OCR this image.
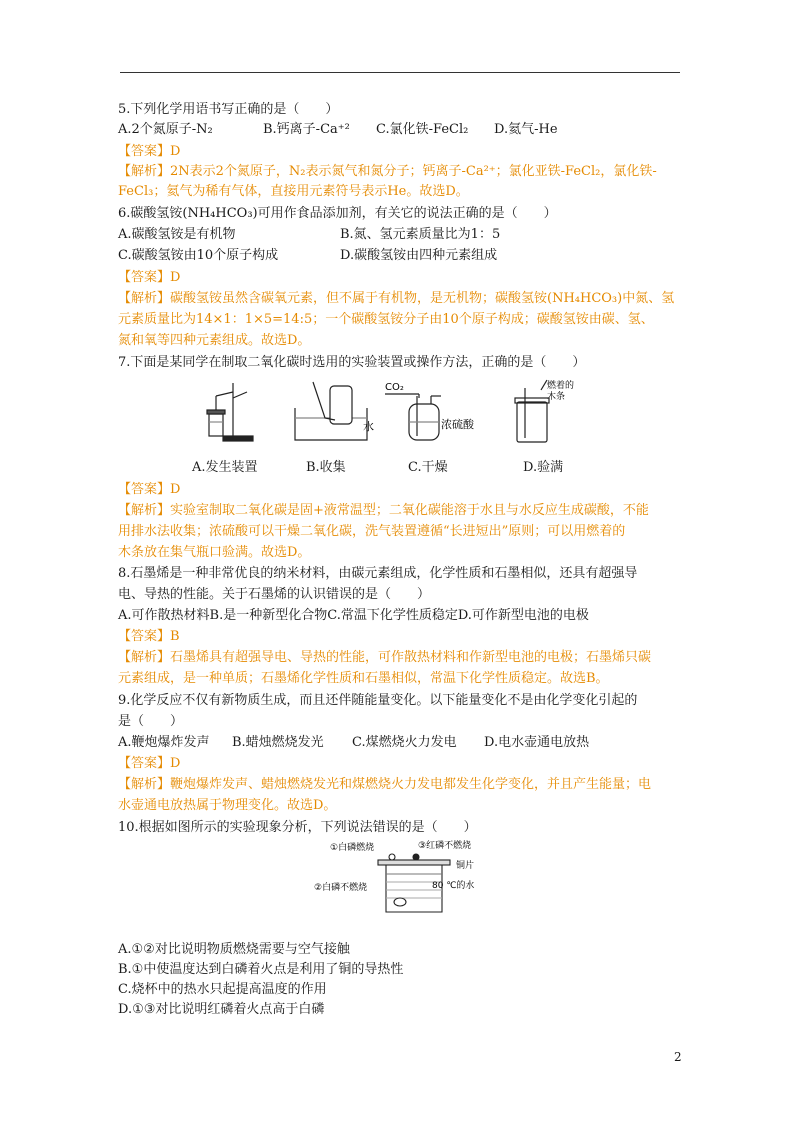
5.下列化学用语书写正确的是（　　）
A.2个氮原子-N₂	B.钙离子-Ca⁺² C.氯化铁-FeCl₂ D.氦气-He
【答案】D
【解析】2N表示2个氮原子，N₂表示氮气和氮分子；钙离子-Ca²⁺；氯化亚铁-FeCl₂，氯化铁-
FeCl₃；氦气为稀有气体，直接用元素符号表示He。故选D。
6.碳酸氢铵(NH₄HCO₃)可用作食品添加剂，有关它的说法正确的是（　　）
A.碳酸氢铵是有机物	B.氮、氢元素质量比为1：5
C.碳酸氢铵由10个原子构成	D.碳酸氢铵由四种元素组成
【答案】D
【解析】碳酸氢铵虽然含碳氧元素，但不属于有机物，是无机物；碳酸氢铵(NH₄HCO₃)中氮、氢
元素质量比为14×1：1×5=14:5；一个碳酸氢铵分子由10个原子构成；碳酸氢铵由碳、氢、
氮和氧等四种元素组成。故选D。
7.下面是某同学在制取二氧化碳时选用的实验装置或操作方法，正确的是（　　）
水
CO₂
浓硫酸
燃着的
木条
A.发生装置	B.收集	C.干燥	D.验满
【答案】D
【解析】实验室制取二氧化碳是固+液常温型；二氧化碳能溶于水且与水反应生成碳酸，不能
用排水法收集；浓硫酸可以干燥二氧化碳，洗气装置遵循“长进短出”原则；可以用燃着的
木条放在集气瓶口验满。故选D。
8.石墨烯是一种非常优良的纳米材料，由碳元素组成，化学性质和石墨相似，还具有超强导
电、导热的性能。关于石墨烯的认识错误的是（　　）
A.可作散热材料B.是一种新型化合物C.常温下化学性质稳定D.可作新型电池的电极
【答案】B
【解析】石墨烯具有超强导电、导热的性能，可作散热材料和作新型电池的电极；石墨烯只碳
元素组成，是一种单质；石墨烯化学性质和石墨相似，常温下化学性质稳定。故选B。
9.化学反应不仅有新物质生成，而且还伴随能量变化。以下能量变化不是由化学变化引起的
是（　　）
A.鞭炮爆炸发声 B.蜡烛燃烧发光 C.煤燃烧火力发电 D.电水壶通电放热
【答案】D
【解析】鞭炮爆炸发声、蜡烛燃烧发光和煤燃烧火力发电都发生化学变化，并且产生能量；电
水壶通电放热属于物理变化。故选D。
10.根据如图所示的实验现象分析，下列说法错误的是（　　）
①白磷燃烧	③红磷不燃烧
铜片
②白磷不燃烧	80 ℃的水
A.①②对比说明物质燃烧需要与空气接触
B.①中使温度达到白磷着火点是利用了铜的导热性
C.烧杯中的热水只起提高温度的作用
D.①③对比说明红磷着火点高于白磷
2
